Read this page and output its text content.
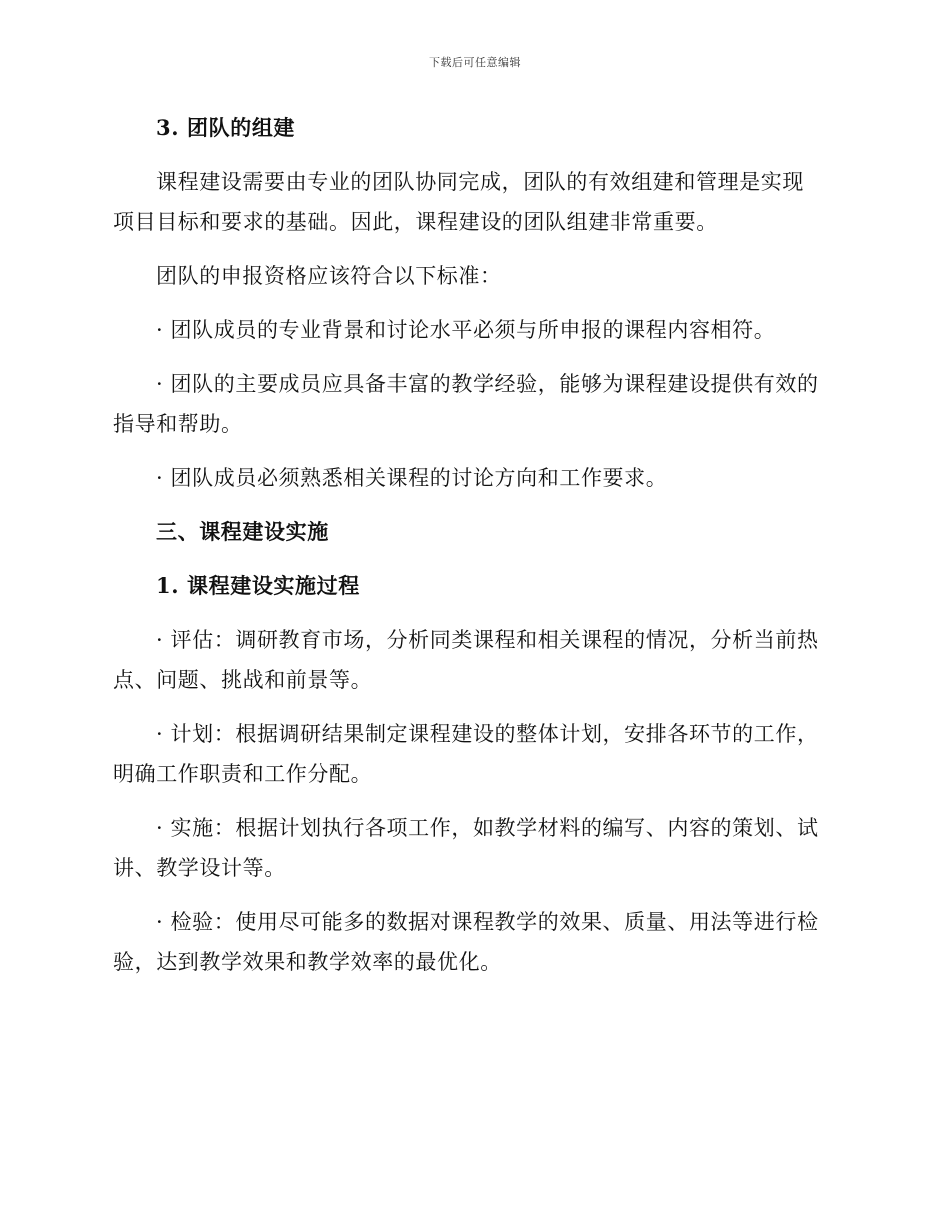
下载后可任意编辑
3. 团队的组建
课程建设需要由专业的团队协同完成，团队的有效组建和管理是实现项目目标和要求的基础。因此，课程建设的团队组建非常重要。
团队的申报资格应该符合以下标准：
· 团队成员的专业背景和讨论水平必须与所申报的课程内容相符。
· 团队的主要成员应具备丰富的教学经验，能够为课程建设提供有效的指导和帮助。
· 团队成员必须熟悉相关课程的讨论方向和工作要求。
三、课程建设实施
1. 课程建设实施过程
· 评估：调研教育市场，分析同类课程和相关课程的情况，分析当前热点、问题、挑战和前景等。
· 计划：根据调研结果制定课程建设的整体计划，安排各环节的工作，明确工作职责和工作分配。
· 实施：根据计划执行各项工作，如教学材料的编写、内容的策划、试讲、教学设计等。
· 检验：使用尽可能多的数据对课程教学的效果、质量、用法等进行检验，达到教学效果和教学效率的最优化。
